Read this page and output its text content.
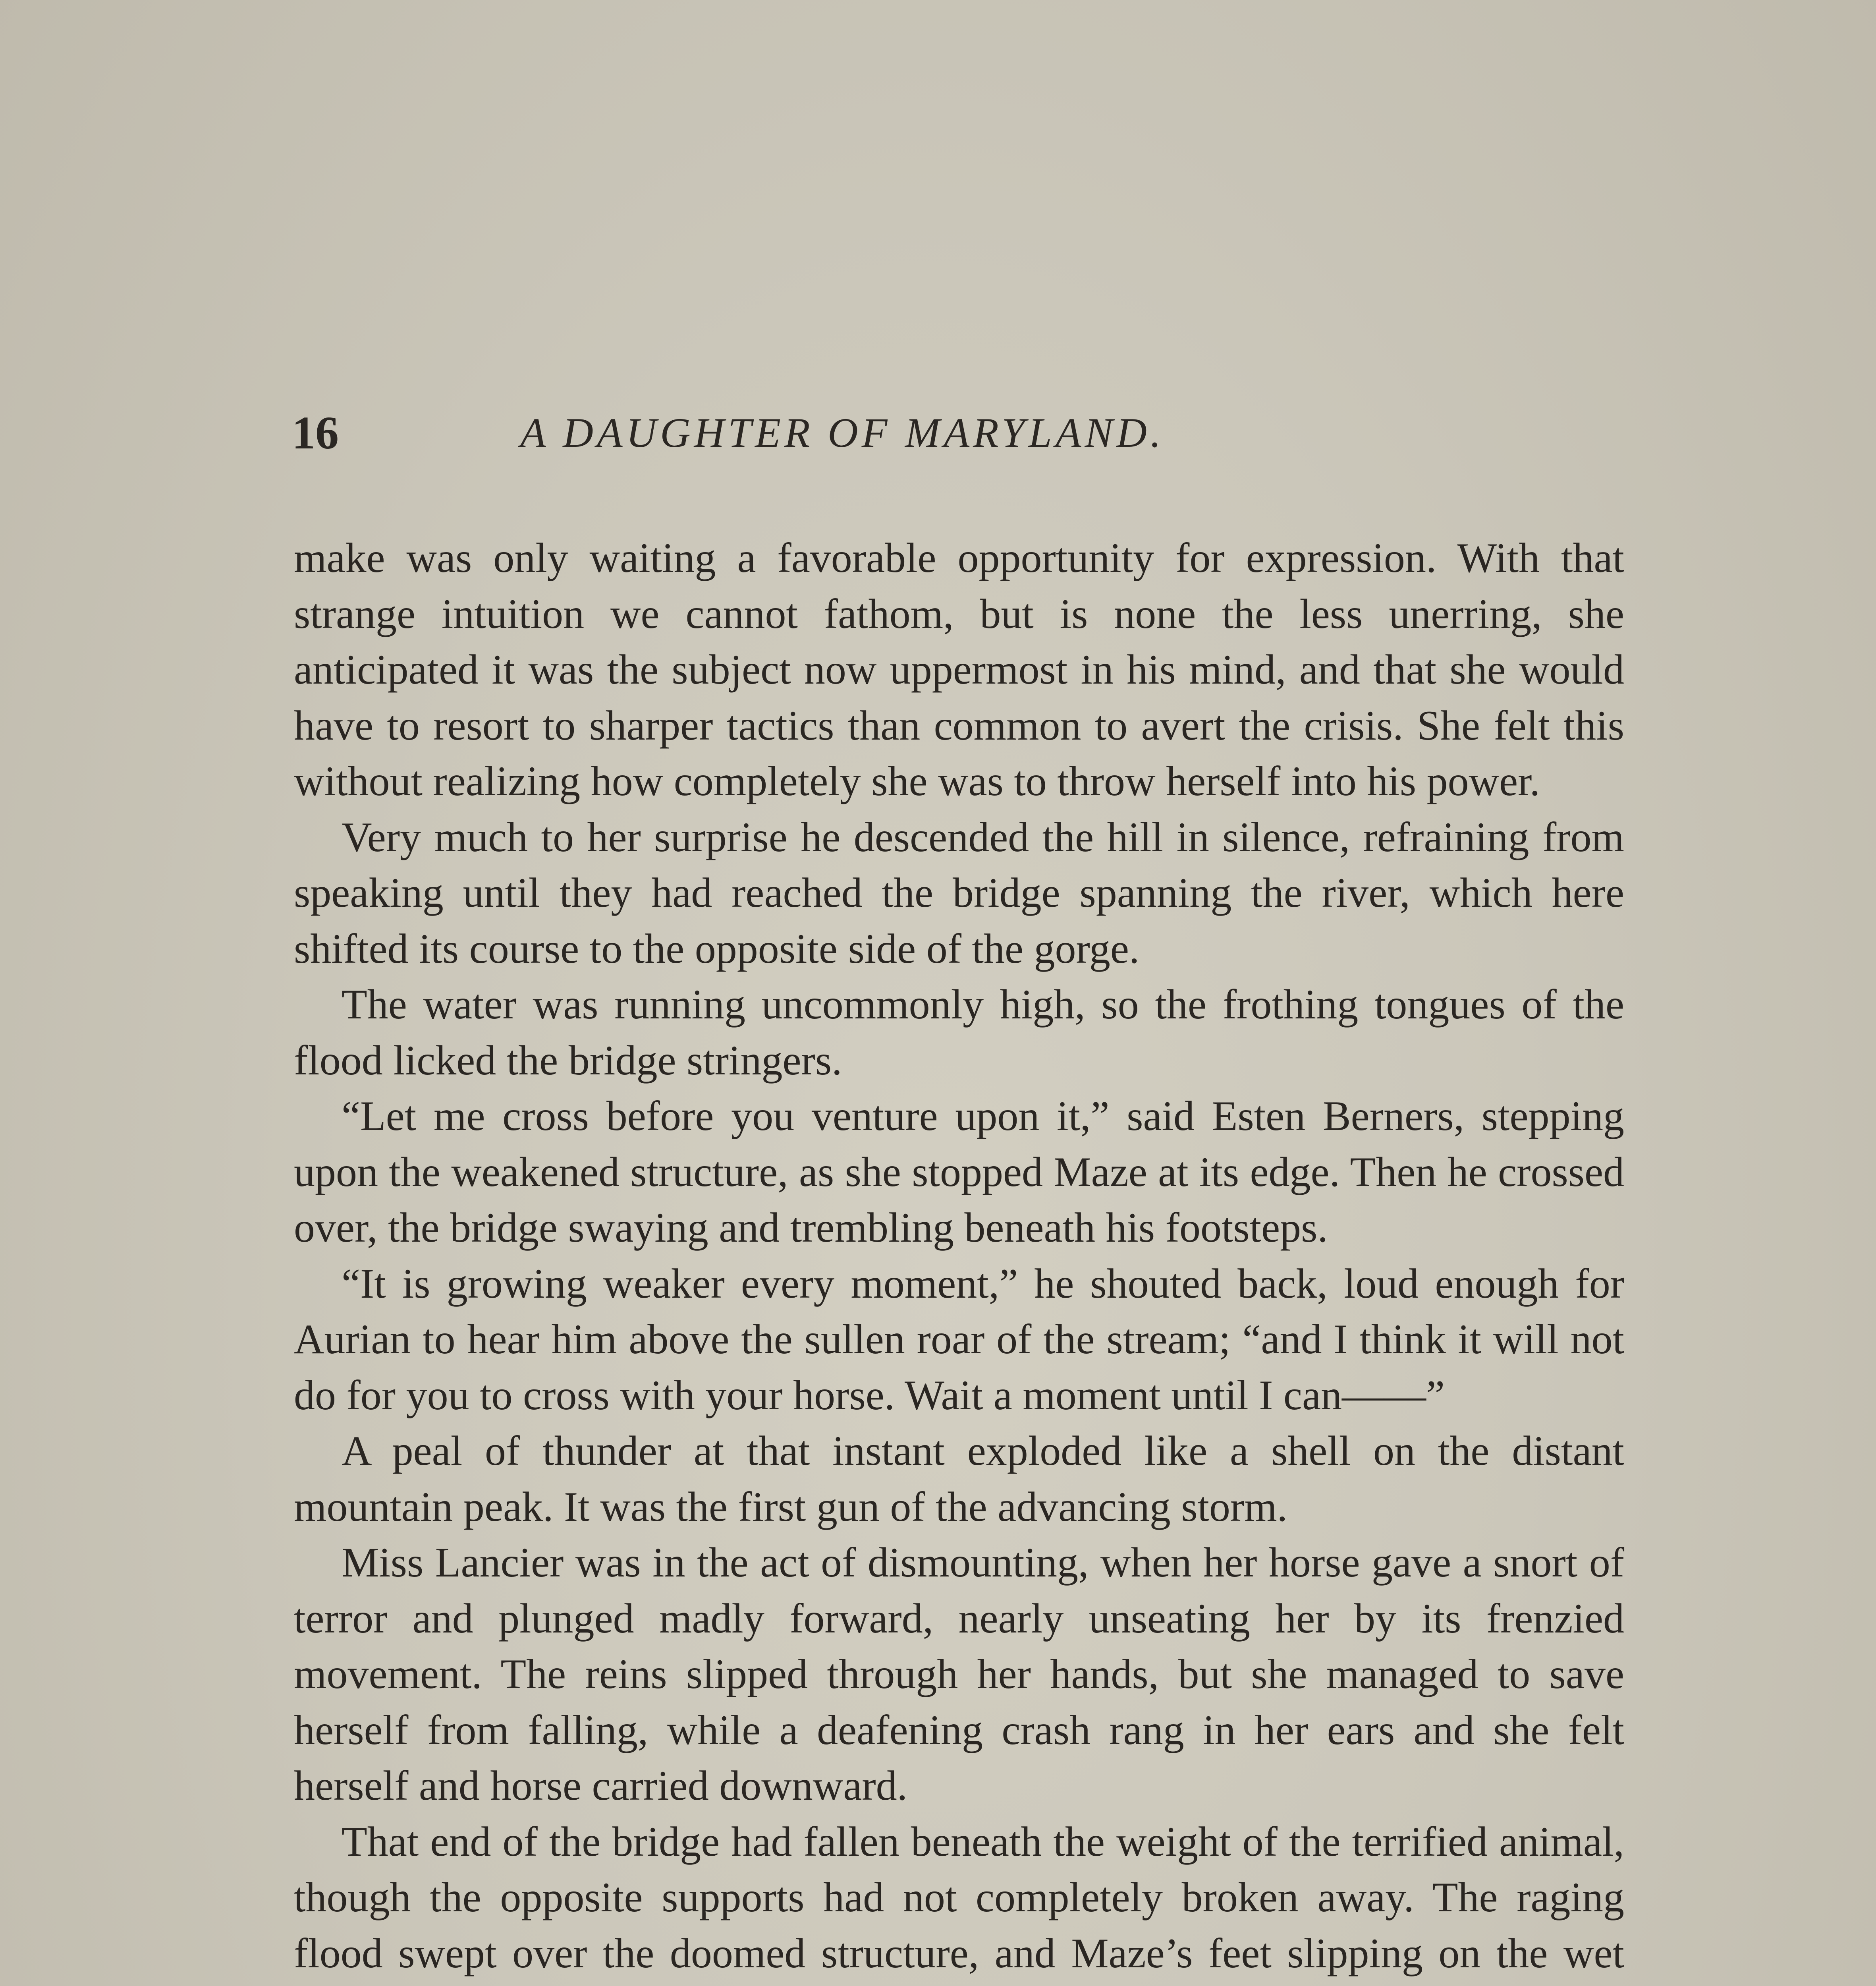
16	A DAUGHTER OF MARYLAND.

make was only waiting a favorable opportunity for expression. With that strange intuition we cannot fathom, but is none the less unerring, she anticipated it was the subject now uppermost in his mind, and that she would have to resort to sharper tactics than common to avert the crisis. She felt this without realizing how completely she was to throw herself into his power.

Very much to her surprise he descended the hill in silence, refraining from speaking until they had reached the bridge spanning the river, which here shifted its course to the opposite side of the gorge.

The water was running uncommonly high, so the frothing tongues of the flood licked the bridge stringers.

“Let me cross before you venture upon it,” said Esten Berners, stepping upon the weakened structure, as she stopped Maze at its edge. Then he crossed over, the bridge swaying and trembling beneath his footsteps.

“It is growing weaker every moment,” he shouted back, loud enough for Aurian to hear him above the sullen roar of the stream; “and I think it will not do for you to cross with your horse. Wait a moment until I can——”

A peal of thunder at that instant exploded like a shell on the distant mountain peak. It was the first gun of the advancing storm.

Miss Lancier was in the act of dismounting, when her horse gave a snort of terror and plunged madly forward, nearly unseating her by its frenzied movement. The reins slipped through her hands, but she managed to save herself from falling, while a deafening crash rang in her ears and she felt herself and horse carried downward.

That end of the bridge had fallen beneath the weight of the terrified animal, though the opposite supports had not completely broken away. The raging flood swept over the doomed structure, and Maze’s feet slipping on the wet
